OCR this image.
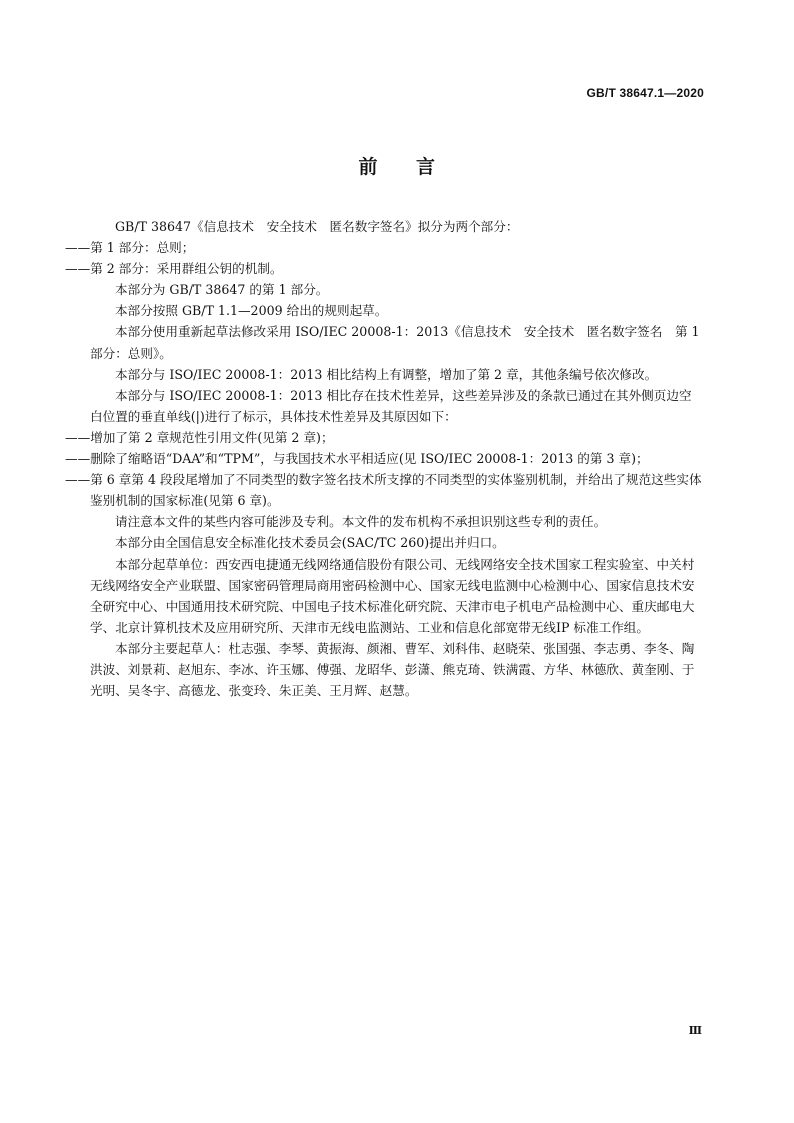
GB/T 38647.1—2020
前 言

GB/T 38647《信息技术　安全技术　匿名数字签名》拟分为两个部分：

——第 1 部分：总则；

——第 2 部分：采用群组公钥的机制。

本部分为 GB/T 38647 的第 1 部分。

本部分按照 GB/T 1.1—2009 给出的规则起草。

本部分使用重新起草法修改采用 ISO/IEC 20008-1：2013《信息技术　安全技术　匿名数字签名　第 1 部分：总则》。

本部分与 ISO/IEC 20008-1：2013 相比结构上有调整，增加了第 2 章，其他条编号依次修改。

本部分与 ISO/IEC 20008-1：2013 相比存在技术性差异，这些差异涉及的条款已通过在其外侧页边空白位置的垂直单线(|)进行了标示，具体技术性差异及其原因如下：

——增加了第 2 章规范性引用文件(见第 2 章)；

——删除了缩略语“DAA”和“TPM”，与我国技术水平相适应(见 ISO/IEC 20008-1：2013 的第 3 章)；

——第 6 章第 4 段段尾增加了不同类型的数字签名技术所支撑的不同类型的实体鉴别机制，并给出了规范这些实体鉴别机制的国家标准(见第 6 章)。

请注意本文件的某些内容可能涉及专利。本文件的发布机构不承担识别这些专利的责任。

本部分由全国信息安全标准化技术委员会(SAC/TC 260)提出并归口。

本部分起草单位：西安西电捷通无线网络通信股份有限公司、无线网络安全技术国家工程实验室、中关村无线网络安全产业联盟、国家密码管理局商用密码检测中心、国家无线电监测中心检测中心、国家信息技术安全研究中心、中国通用技术研究院、中国电子技术标准化研究院、天津市电子机电产品检测中心、重庆邮电大学、北京计算机技术及应用研究所、天津市无线电监测站、工业和信息化部宽带无线IP 标准工作组。

本部分主要起草人：杜志强、李琴、黄振海、颜湘、曹军、刘科伟、赵晓荣、张国强、李志勇、李冬、陶洪波、刘景莉、赵旭东、李冰、许玉娜、傅强、龙昭华、彭潇、熊克琦、铁满霞、方华、林德欣、黄奎刚、于光明、吴冬宇、高德龙、张变玲、朱正美、王月辉、赵慧。

Ⅲ
